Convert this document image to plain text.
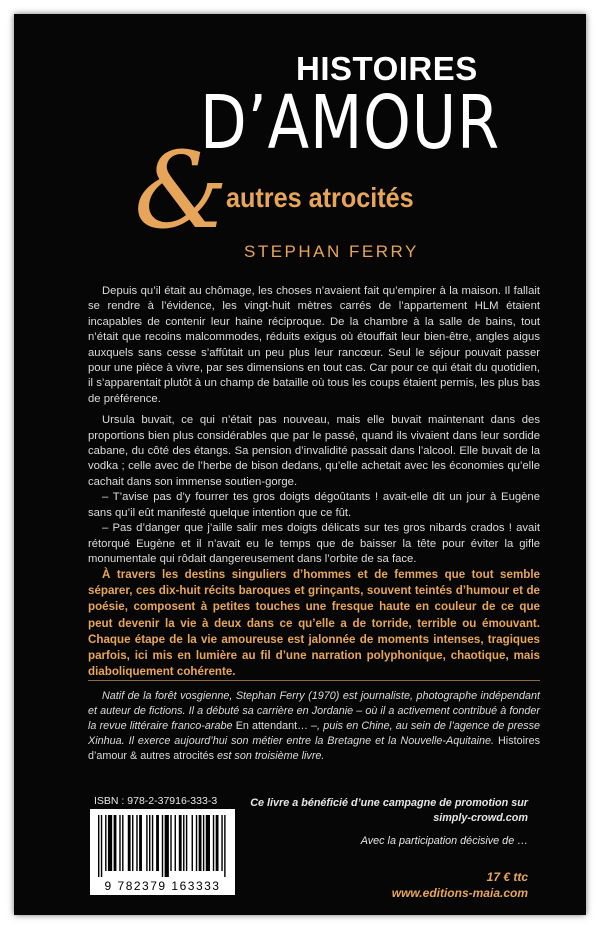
HISTOIRES
D’AMOUR
&
autres atrocités
STEPHAN FERRY

Depuis qu’il était au chômage, les choses n’avaient fait qu’empirer à la maison. Il fallait se rendre à l’évidence, les vingt-huit mètres carrés de l’appartement HLM étaient incapables de contenir leur haine réciproque. De la chambre à la salle de bains, tout n’était que recoins malcommodes, réduits exigus où étouffait leur bien-être, angles aigus auxquels sans cesse s’affûtait un peu plus leur rancœur. Seul le séjour pouvait passer pour une pièce à vivre, par ses dimensions en tout cas. Car pour ce qui était du quotidien, il s’apparentait plutôt à un champ de bataille où tous les coups étaient permis, les plus bas de préférence.

Ursula buvait, ce qui n’était pas nouveau, mais elle buvait maintenant dans des proportions bien plus considérables que par le passé, quand ils vivaient dans leur sordide cabane, du côté des étangs. Sa pension d’invalidité passait dans l’alcool. Elle buvait de la vodka ; celle avec de l’herbe de bison dedans, qu’elle achetait avec les économies qu’elle cachait dans son immense soutien-gorge.

– T’avise pas d’y fourrer tes gros doigts dégoûtants ! avait-elle dit un jour à Eugène sans qu’il eût manifesté quelque intention que ce fût.

– Pas d’danger que j’aille salir mes doigts délicats sur tes gros nibards crados ! avait rétorqué Eugène et il n’avait eu le temps que de baisser la tête pour éviter la gifle monumentale qui rôdait dangereusement dans l’orbite de sa face.

À travers les destins singuliers d’hommes et de femmes que tout semble séparer, ces dix-huit récits baroques et grinçants, souvent teintés d’humour et de poésie, composent à petites touches une fresque haute en couleur de ce que peut devenir la vie à deux dans ce qu’elle a de torride, terrible ou émouvant. Chaque étape de la vie amoureuse est jalonnée de moments intenses, tragiques parfois, ici mis en lumière au fil d’une narration polyphonique, chaotique, mais diaboliquement cohérente.

Natif de la forêt vosgienne, Stephan Ferry (1970) est journaliste, photographe indépendant et auteur de fictions. Il a débuté sa carrière en Jordanie – où il a activement contribué à fonder la revue littéraire franco-arabe En attendant… –, puis en Chine, au sein de l’agence de presse Xinhua. Il exerce aujourd’hui son métier entre la Bretagne et la Nouvelle-Aquitaine. Histoires d’amour & autres atrocités est son troisième livre.

ISBN : 978-2-37916-333-3
9 782379 163333
Ce livre a bénéficié d’une campagne de promotion sur
simply-crowd.com
Avec la participation décisive de …
17 € ttc
www.editions-maia.com
